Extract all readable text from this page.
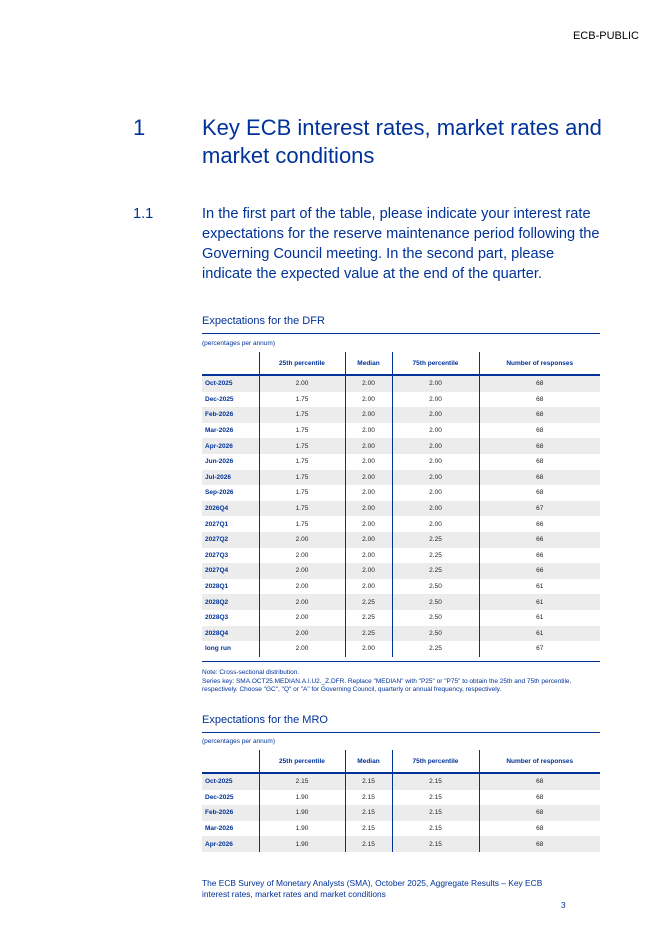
ECB-PUBLIC
1	Key ECB interest rates, market rates and market conditions
1.1	In the first part of the table, please indicate your interest rate expectations for the reserve maintenance period following the Governing Council meeting. In the second part, please indicate the expected value at the end of the quarter.
Expectations for the DFR
(percentages per annum)
	25th percentile	Median	75th percentile	Number of responses
Oct-2025	2.00	2.00	2.00	68
Dec-2025	1.75	2.00	2.00	68
Feb-2026	1.75	2.00	2.00	68
Mar-2026	1.75	2.00	2.00	68
Apr-2026	1.75	2.00	2.00	68
Jun-2026	1.75	2.00	2.00	68
Jul-2026	1.75	2.00	2.00	68
Sep-2026	1.75	2.00	2.00	68
2026Q4	1.75	2.00	2.00	67
2027Q1	1.75	2.00	2.00	66
2027Q2	2.00	2.00	2.25	66
2027Q3	2.00	2.00	2.25	66
2027Q4	2.00	2.00	2.25	66
2028Q1	2.00	2.00	2.50	61
2028Q2	2.00	2.25	2.50	61
2028Q3	2.00	2.25	2.50	61
2028Q4	2.00	2.25	2.50	61
long run	2.00	2.00	2.25	67
Note: Cross-sectional distribution.
Series key: SMA.OCT25.MEDIAN.A.I.U2._Z.DFR. Replace "MEDIAN" with "P25" or "P75" to obtain the 25th and 75th percentile, respectively. Choose "GC", "Q" or "A" for Governing Council, quarterly or annual frequency, respectively.
Expectations for the MRO
(percentages per annum)
	25th percentile	Median	75th percentile	Number of responses
Oct-2025	2.15	2.15	2.15	68
Dec-2025	1.90	2.15	2.15	68
Feb-2026	1.90	2.15	2.15	68
Mar-2026	1.90	2.15	2.15	68
Apr-2026	1.90	2.15	2.15	68
The ECB Survey of Monetary Analysts (SMA), October 2025, Aggregate Results – Key ECB interest rates, market rates and market conditions
3
